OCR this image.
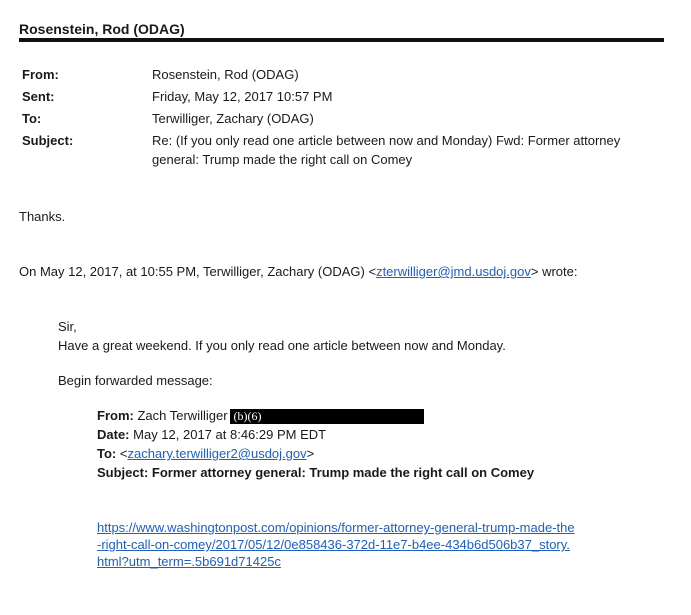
Rosenstein, Rod (ODAG)
From:	Rosenstein, Rod (ODAG)
Sent:	Friday, May 12, 2017 10:57 PM
To:	Terwilliger, Zachary (ODAG)
Subject:	Re: (If you only read one article between now and Monday) Fwd: Former attorney general: Trump made the right call on Comey
Thanks.
On May 12, 2017, at 10:55 PM, Terwilliger, Zachary (ODAG) <zterwilliger@jmd.usdoj.gov> wrote:
Sir,
Have a great weekend. If you only read one article between now and Monday.
Begin forwarded message:
From: Zach Terwilliger (b)(6)
Date: May 12, 2017 at 8:46:29 PM EDT
To: <zachary.terwilliger2@usdoj.gov>
Subject: Former attorney general: Trump made the right call on Comey
https://www.washingtonpost.com/opinions/former-attorney-general-trump-made-the-right-call-on-comey/2017/05/12/0e858436-372d-11e7-b4ee-434b6d506b37_story.html?utm_term=.5b691d71425c
